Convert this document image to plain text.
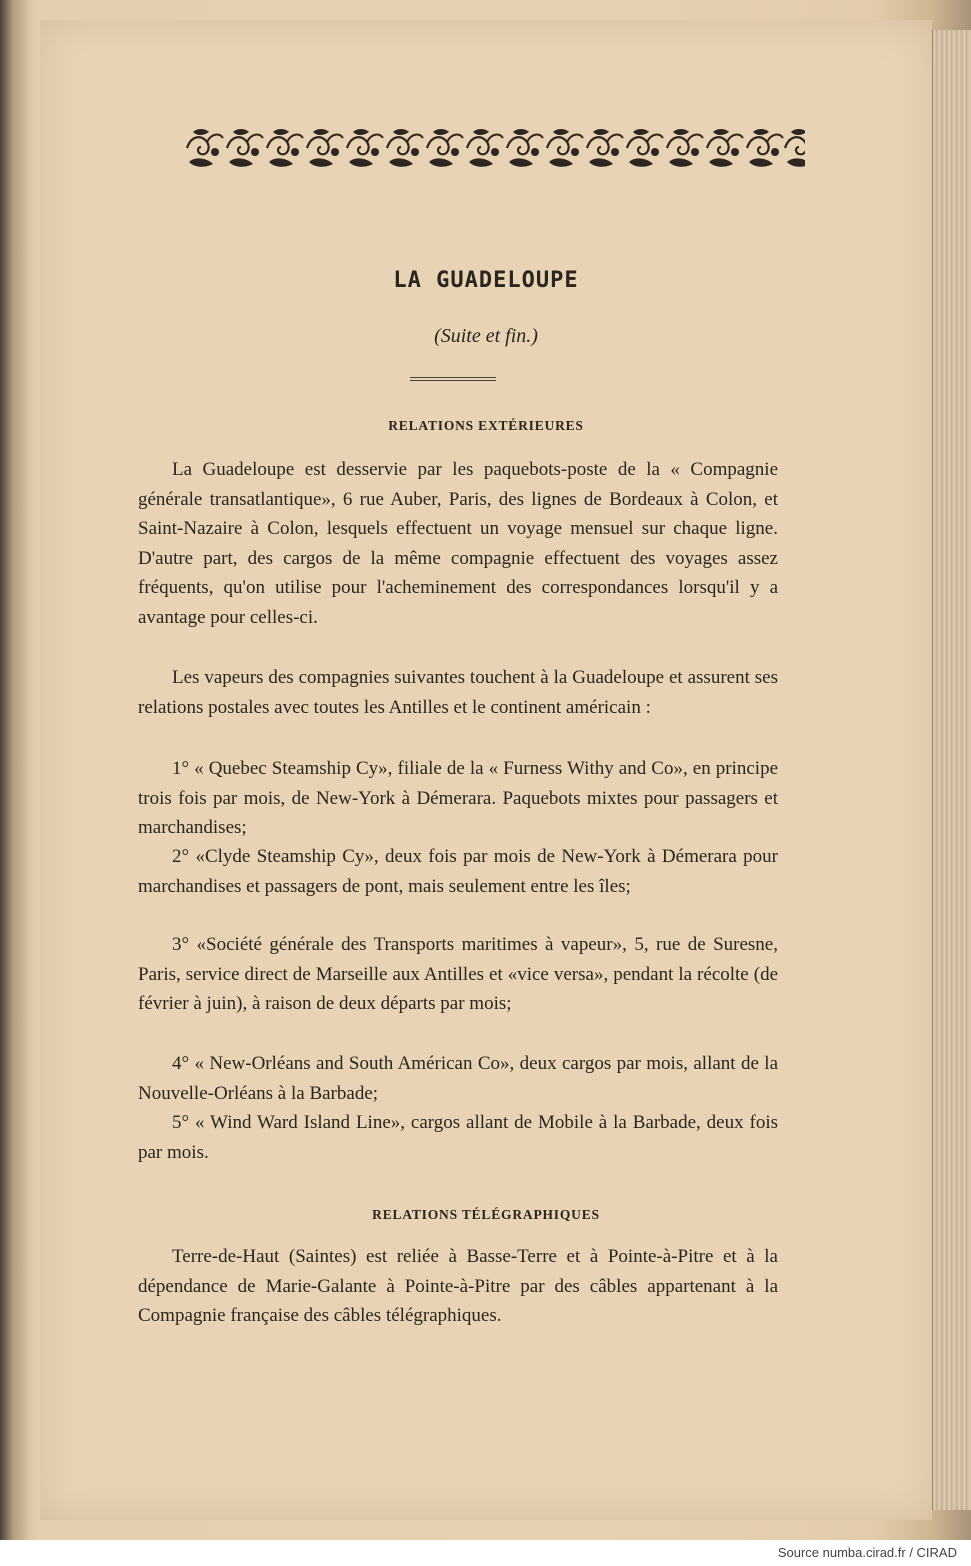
LA GUADELOUPE
(Suite et fin.)
RELATIONS EXTÉRIEURES

La Guadeloupe est desservie par les paquebots-poste de la « Compagnie générale transatlantique», 6 rue Auber, Paris, des lignes de Bordeaux à Colon, et Saint-Nazaire à Colon, lesquels effectuent un voyage mensuel sur chaque ligne. D'autre part, des cargos de la même compagnie effectuent des voyages assez fréquents, qu'on utilise pour l'acheminement des correspondances lorsqu'il y a avantage pour celles-ci.

Les vapeurs des compagnies suivantes touchent à la Guadeloupe et assurent ses relations postales avec toutes les Antilles et le continent américain :

1° « Quebec Steamship Cy», filiale de la « Furness Withy and Co», en principe trois fois par mois, de New-York à Démerara. Paquebots mixtes pour passagers et marchandises;

2° «Clyde Steamship Cy», deux fois par mois de New-York à Démerara pour marchandises et passagers de pont, mais seulement entre les îles;

3° «Société générale des Transports maritimes à vapeur», 5, rue de Suresne, Paris, service direct de Marseille aux Antilles et «vice versa», pendant la récolte (de février à juin), à raison de deux départs par mois;

4° « New-Orléans and South Américan Co», deux cargos par mois, allant de la Nouvelle-Orléans à la Barbade;

5° « Wind Ward Island Line», cargos allant de Mobile à la Barbade, deux fois par mois.

RELATIONS TÉLÉGRAPHIQUES

Terre-de-Haut (Saintes) est reliée à Basse-Terre et à Pointe-à-Pitre et à la dépendance de Marie-Galante à Pointe-à-Pitre par des câbles appartenant à la Compagnie française des câbles télégraphiques.

Source numba.cirad.fr / CIRAD
